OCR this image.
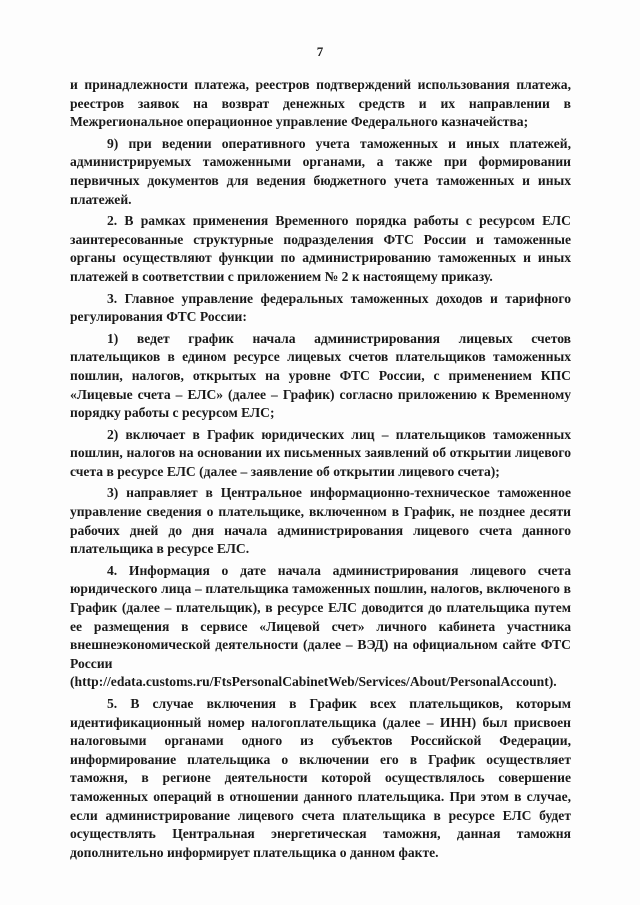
7

и принадлежности платежа, реестров подтверждений использования платежа, реестров заявок на возврат денежных средств и их направлении в Межрегиональное операционное управление Федерального казначейства;

9) при ведении оперативного учета таможенных и иных платежей, администрируемых таможенными органами, а также при формировании первичных документов для ведения бюджетного учета таможенных и иных платежей.

2. В рамках применения Временного порядка работы с ресурсом ЕЛС заинтересованные структурные подразделения ФТС России и таможенные органы осуществляют функции по администрированию таможенных и иных платежей в соответствии с приложением № 2 к настоящему приказу.

3. Главное управление федеральных таможенных доходов и тарифного регулирования ФТС России:

1) ведет график начала администрирования лицевых счетов плательщиков в едином ресурсе лицевых счетов плательщиков таможенных пошлин, налогов, открытых на уровне ФТС России, с применением КПС «Лицевые счета – ЕЛС» (далее – График) согласно приложению к Временному порядку работы с ресурсом ЕЛС;

2) включает в График юридических лиц – плательщиков таможенных пошлин, налогов на основании их письменных заявлений об открытии лицевого счета в ресурсе ЕЛС (далее – заявление об открытии лицевого счета);

3) направляет в Центральное информационно-техническое таможенное управление сведения о плательщике, включенном в График, не позднее десяти рабочих дней до дня начала администрирования лицевого счета данного плательщика в ресурсе ЕЛС.

4. Информация о дате начала администрирования лицевого счета юридического лица – плательщика таможенных пошлин, налогов, включеного в График (далее – плательщик), в ресурсе ЕЛС доводится до плательщика путем ее размещения в сервисе «Лицевой счет» личного кабинета участника внешнеэкономической деятельности (далее – ВЭД) на официальном сайте ФТС России (http://edata.customs.ru/FtsPersonalCabinetWeb/Services/About/PersonalAccount).

5. В случае включения в График всех плательщиков, которым идентификационный номер налогоплательщика (далее – ИНН) был присвоен налоговыми органами одного из субъектов Российской Федерации, информирование плательщика о включении его в График осуществляет таможня, в регионе деятельности которой осуществлялось совершение таможенных операций в отношении данного плательщика. При этом в случае, если администрирование лицевого счета плательщика в ресурсе ЕЛС будет осуществлять Центральная энергетическая таможня, данная таможня дополнительно информирует плательщика о данном факте.
